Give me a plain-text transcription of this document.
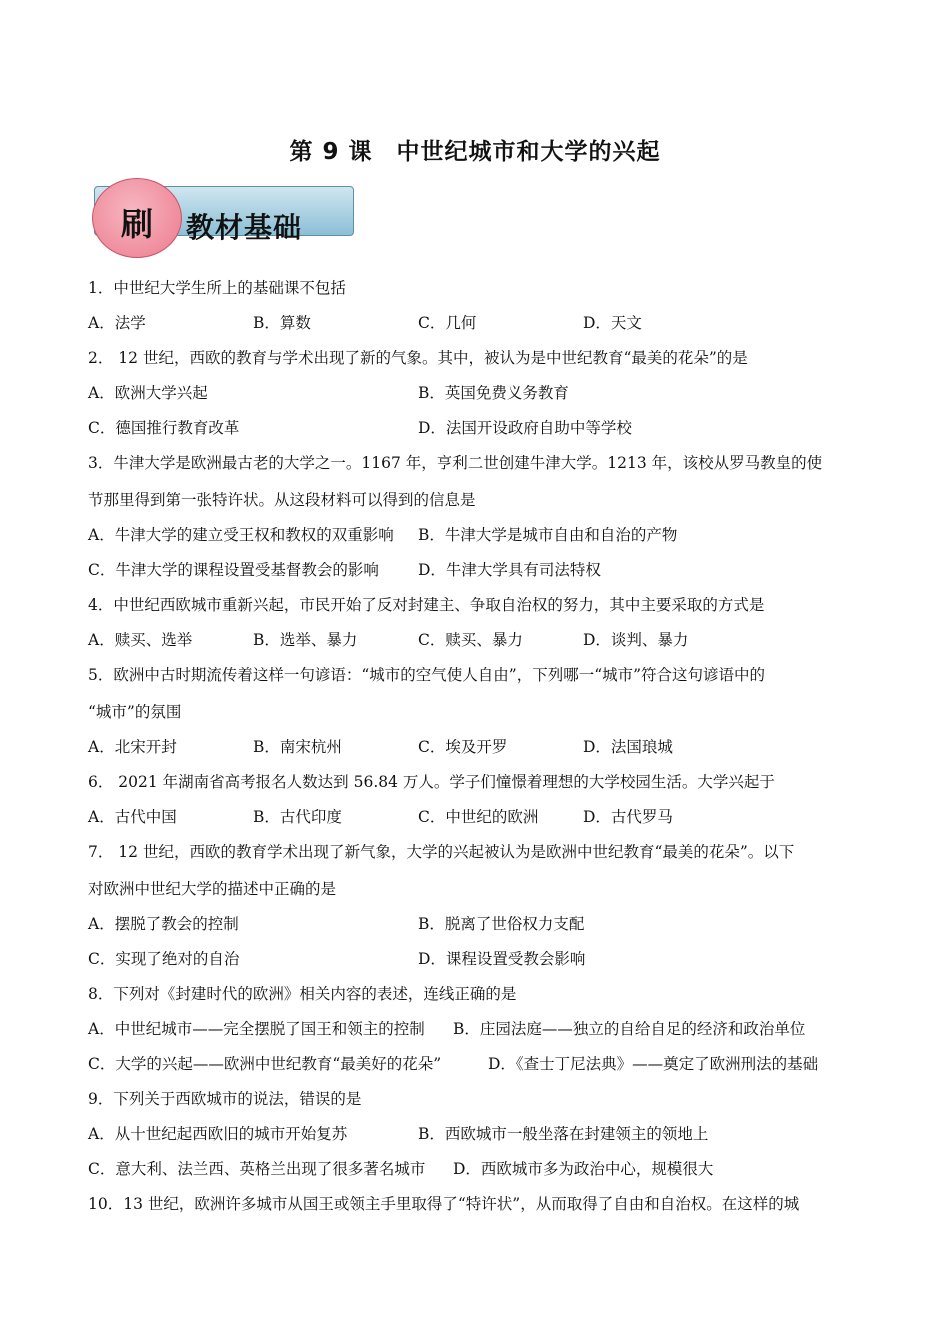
第 9 课　中世纪城市和大学的兴起
刷	教材基础
1．中世纪大学生所上的基础课不包括
A．法学	B．算数	C．几何	D．天文
2． 12 世纪，西欧的教育与学术出现了新的气象。其中，被认为是中世纪教育“最美的花朵”的是
A．欧洲大学兴起	B．英国免费义务教育
C．德国推行教育改革	D．法国开设政府自助中等学校
3．牛津大学是欧洲最古老的大学之一。1167 年，亨利二世创建牛津大学。1213 年，该校从罗马教皇的使
节那里得到第一张特许状。从这段材料可以得到的信息是
A．牛津大学的建立受王权和教权的双重影响 B．牛津大学是城市自由和自治的产物
C．牛津大学的课程设置受基督教会的影响	D．牛津大学具有司法特权
4．中世纪西欧城市重新兴起，市民开始了反对封建主、争取自治权的努力，其中主要采取的方式是
A．赎买、选举	B．选举、暴力	C．赎买、暴力	D．谈判、暴力
5．欧洲中古时期流传着这样一句谚语：“城市的空气使人自由”，下列哪一“城市”符合这句谚语中的
“城市”的氛围
A．北宋开封	B．南宋杭州	C．埃及开罗	D．法国琅城
6． 2021 年湖南省高考报名人数达到 56.84 万人。学子们憧憬着理想的大学校园生活。大学兴起于
A．古代中国	B．古代印度	C．中世纪的欧洲	D．古代罗马
7． 12 世纪，西欧的教育学术出现了新气象，大学的兴起被认为是欧洲中世纪教育“最美的花朵”。以下
对欧洲中世纪大学的描述中正确的是
A．摆脱了教会的控制	B．脱离了世俗权力支配
C．实现了绝对的自治	D．课程设置受教会影响
8．下列对《封建时代的欧洲》相关内容的表述，连线正确的是
A．中世纪城市——完全摆脱了国王和领主的控制 B．庄园法庭——独立的自给自足的经济和政治单位
C．大学的兴起——欧洲中世纪教育“最美好的花朵”	D．《查士丁尼法典》——奠定了欧洲刑法的基础
9．下列关于西欧城市的说法，错误的是
A．从十世纪起西欧旧的城市开始复苏	B．西欧城市一般坐落在封建领主的领地上
C．意大利、法兰西、英格兰出现了很多著名城市 D．西欧城市多为政治中心，规模很大
10．13 世纪，欧洲许多城市从国王或领主手里取得了“特许状”，从而取得了自由和自治权。在这样的城
